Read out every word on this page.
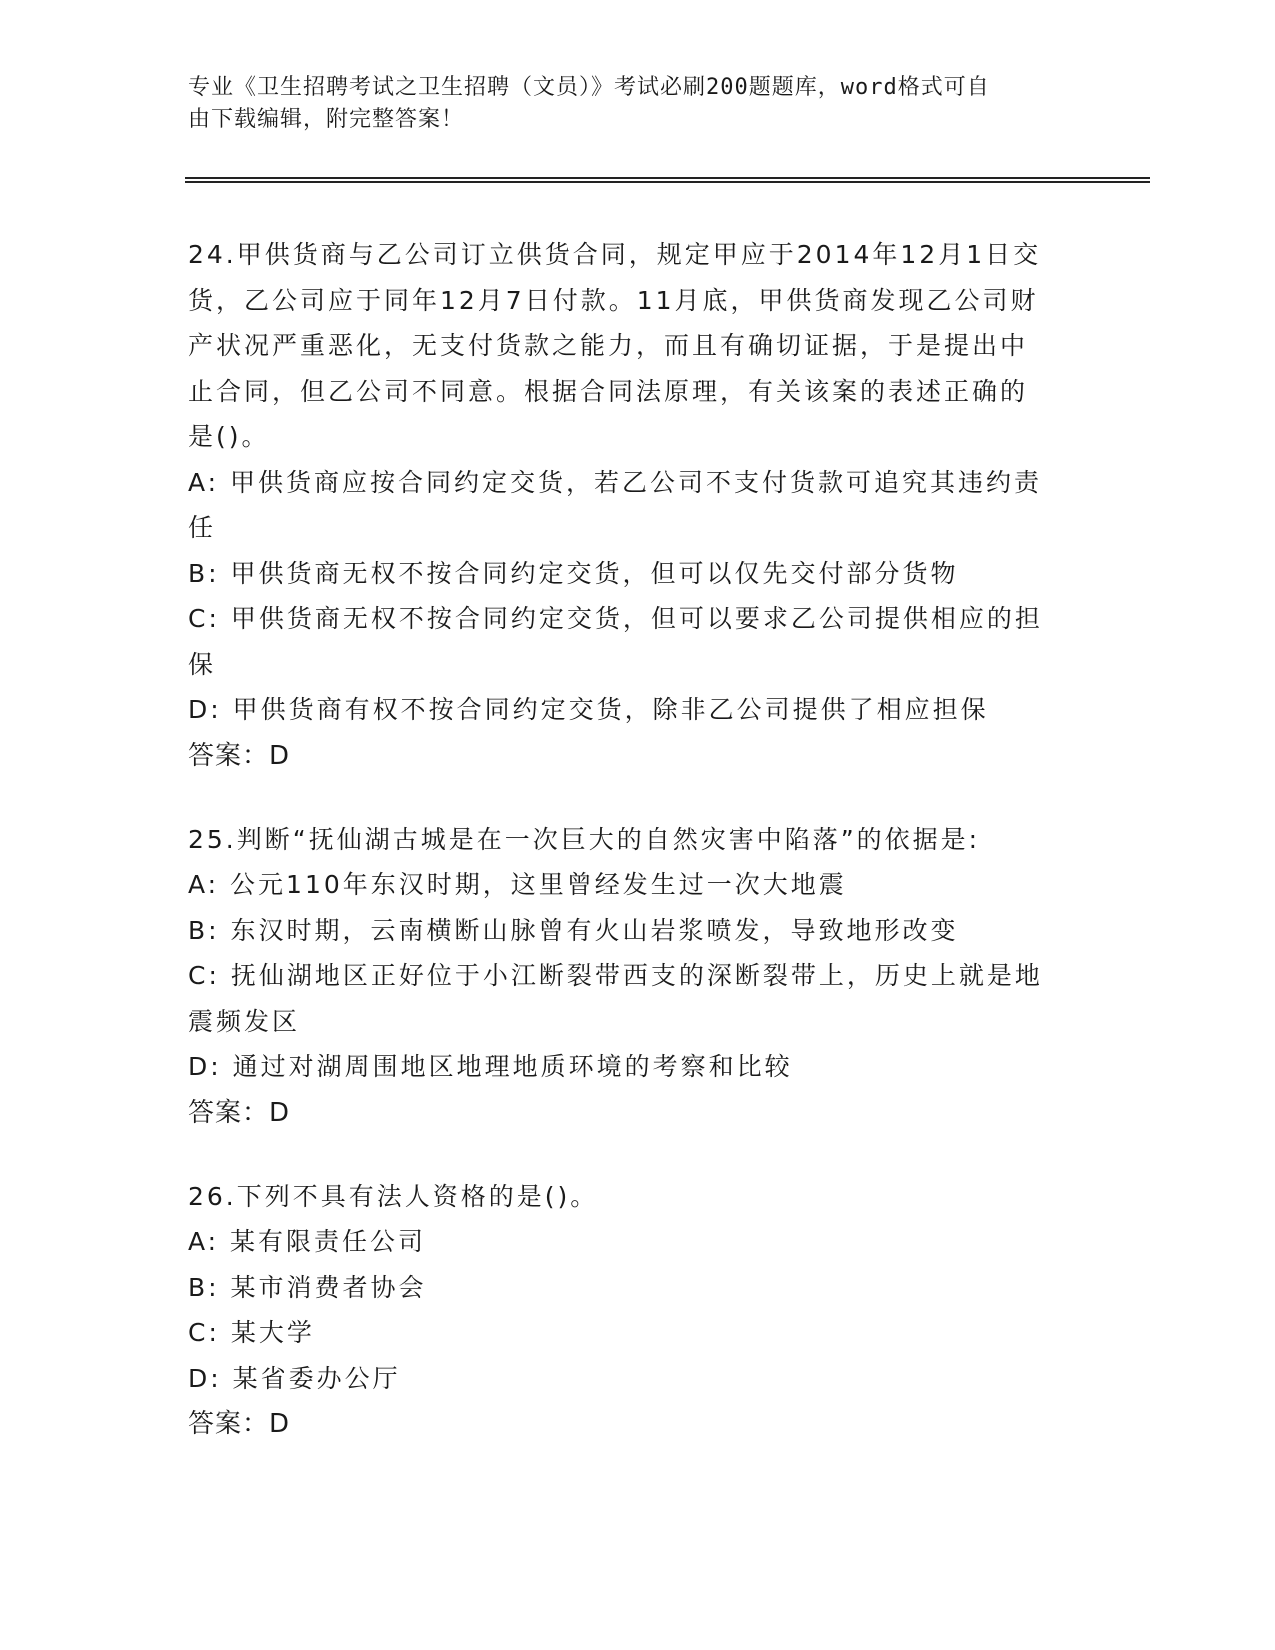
专业《卫生招聘考试之卫生招聘（文员）》考试必刷200题题库，word格式可自
由下载编辑，附完整答案！
24.甲供货商与乙公司订立供货合同，规定甲应于2014年12月1日交
货，乙公司应于同年12月7日付款。11月底，甲供货商发现乙公司财
产状况严重恶化，无支付货款之能力，而且有确切证据，于是提出中
止合同，但乙公司不同意。根据合同法原理，有关该案的表述正确的
是()。
A: 甲供货商应按合同约定交货，若乙公司不支付货款可追究其违约责
任
B: 甲供货商无权不按合同约定交货，但可以仅先交付部分货物
C: 甲供货商无权不按合同约定交货，但可以要求乙公司提供相应的担
保
D: 甲供货商有权不按合同约定交货，除非乙公司提供了相应担保
答案：D
25.判断“抚仙湖古城是在一次巨大的自然灾害中陷落”的依据是:
A: 公元110年东汉时期，这里曾经发生过一次大地震
B: 东汉时期，云南横断山脉曾有火山岩浆喷发，导致地形改变
C: 抚仙湖地区正好位于小江断裂带西支的深断裂带上，历史上就是地
震频发区
D: 通过对湖周围地区地理地质环境的考察和比较
答案：D
26.下列不具有法人资格的是()。
A: 某有限责任公司
B: 某市消费者协会
C: 某大学
D: 某省委办公厅
答案：D
